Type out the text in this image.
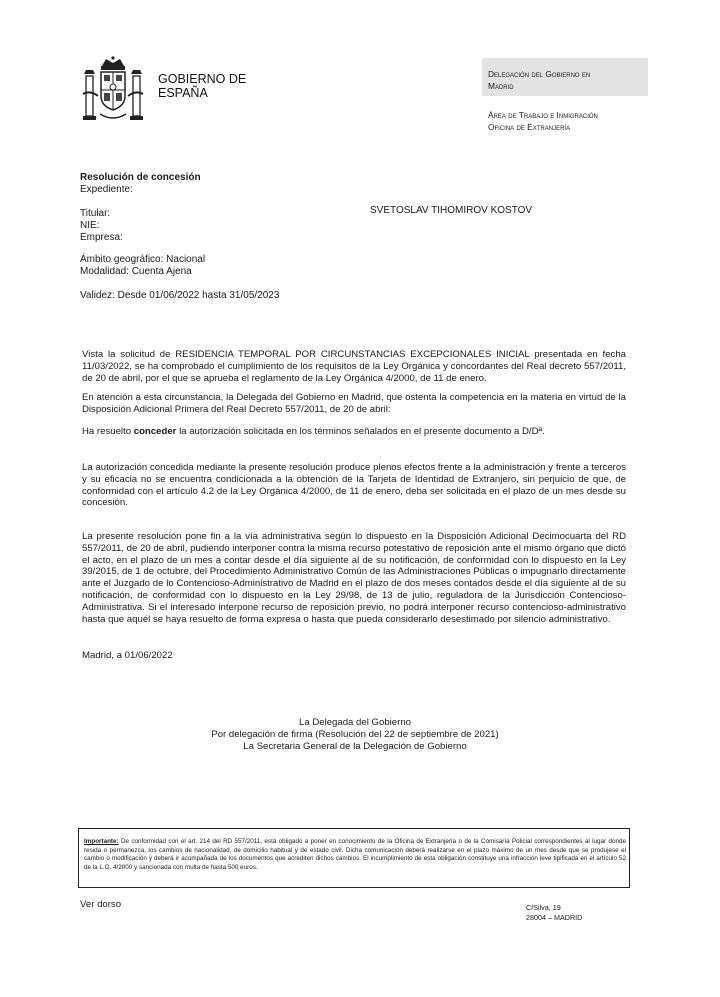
GOBIERNO DE
ESPAÑA
Delegación del Gobierno en
Madrid
Área de Trabajo e Inmigración
Oficina de Extranjería
Resolución de concesión
Expediente:
Titular:
NIE:
Empresa:
SVETOSLAV TIHOMIROV KOSTOV
Ámbito geográfico: Nacional
Modalidad: Cuenta Ajena
Validez: Desde 01/06/2022 hasta 31/05/2023
Vista la solicitud de RESIDENCIA TEMPORAL POR CIRCUNSTANCIAS EXCEPCIONALES INICIAL presentada en fecha 11/03/2022, se ha comprobado el cumplimiento de los requisitos de la Ley Orgánica y concordantes del Real decreto 557/2011, de 20 de abril, por el que se aprueba el reglamento de la Ley Orgánica 4/2000, de 11 de enero.
En atención a esta circunstancia, la Delegada del Gobierno en Madrid, que ostenta la competencia en la materia en virtud de la Disposición Adicional Primera del Real Decreto 557/2011, de 20 de abril:
Ha resuelto conceder la autorización solicitada en los términos señalados en el presente documento a D/Dª.
La autorización concedida mediante la presente resolución produce plenos efectos frente a la administración y frente a terceros y su eficacia no se encuentra condicionada a la obtención de la Tarjeta de Identidad de Extranjero, sin perjuicio de que, de conformidad con el artículo 4.2 de la Ley Orgánica 4/2000, de 11 de enero, deba ser solicitada en el plazo de un mes desde su concesión.
La presente resolución pone fin a la vía administrativa según lo dispuesto en la Disposición Adicional Decimocuarta del RD 557/2011, de 20 de abril, pudiendo interponer contra la misma recurso potestativo de reposición ante el mismo órgano que dictó el acto, en el plazo de un mes a contar desde el día siguiente al de su notificación, de conformidad con lo dispuesto en la Ley 39/2015, de 1 de octubre, del Procedimiento Administrativo Común de las Administraciones Públicas o impugnarlo directamente ante el Juzgado de lo Contencioso-Administrativo de Madrid en el plazo de dos meses contados desde el día siguiente al de su notificación, de conformidad con lo dispuesto en la Ley 29/98, de 13 de julio, reguladora de la Jurisdicción Contencioso-Administrativa. Si el interesado interpone recurso de reposición previo, no podrá interponer recurso contencioso-administrativo hasta que aquél se haya resuelto de forma expresa o hasta que pueda considerarlo desestimado por silencio administrativo.
Madrid, a 01/06/2022
La Delegada del Gobierno
Por delegación de firma (Resolución del 22 de septiembre de 2021)
La Secretaria General de la Delegación de Gobierno
Importante: De conformidad con el art. 214 del RD 557/2011, está obligado a poner en conocimiento de la Oficina de Extranjería o de la Comisaría Policial correspondientes al lugar donde resida o permanezca, los cambios de nacionalidad, de domicilio habitual y de estado civil. Dicha comunicación deberá realizarse en el plazo máximo de un mes desde que se produjese el cambio o modificación y deberá ir acompañada de los documentos que acrediten dichos cambios. El incumplimiento de esta obligación constituye una infracción leve tipificada en el artículo 52 de la L.O. 4/2000 y sancionada con multa de hasta 500 euros.
Ver dorso	C/Silva, 19
28004 – MADRID
